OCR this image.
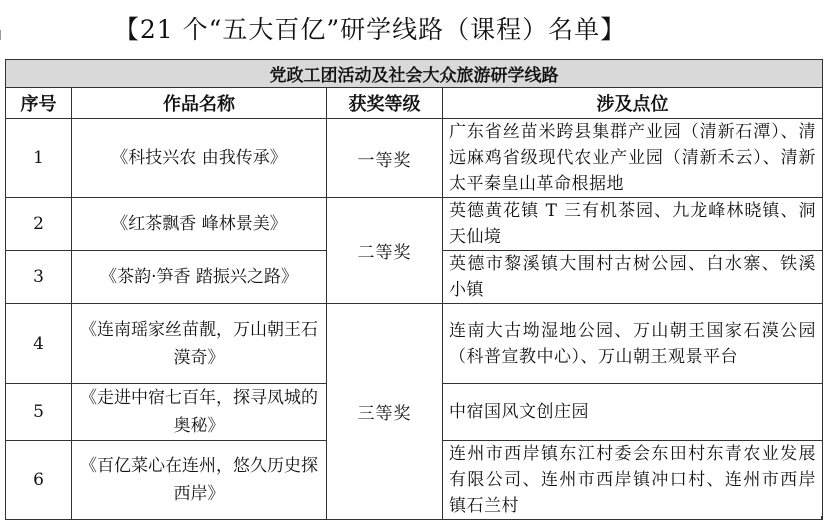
【21 个“五大百亿”研学线路（课程）名单】
党政工团活动及社会大众旅游研学线路			
序号	作品名称	获奖等级	涉及点位
1	《科技兴农 由我传承》	一等奖	广东省丝苗米跨县集群产业园（清新石潭）、清远麻鸡省级现代农业产业园（清新禾云）、清新太平秦皇山革命根据地
2	《红茶飘香 峰林景美》	二等奖	英德黄花镇 T 三有机茶园、九龙峰林晓镇、洞天仙境
3	《茶韵·笋香 踏振兴之路》		英德市黎溪镇大围村古树公园、白水寨、铁溪小镇
4	《连南瑶家丝苗靓，万山朝王石漠奇》	三等奖	连南大古坳湿地公园、万山朝王国家石漠公园（科普宣教中心）、万山朝王观景平台
5	《走进中宿七百年，探寻凤城的奥秘》		中宿国风文创庄园
6	《百亿菜心在连州，悠久历史探西岸》		连州市西岸镇东江村委会东田村东青农业发展有限公司、连州市西岸镇冲口村、连州市西岸镇石兰村
